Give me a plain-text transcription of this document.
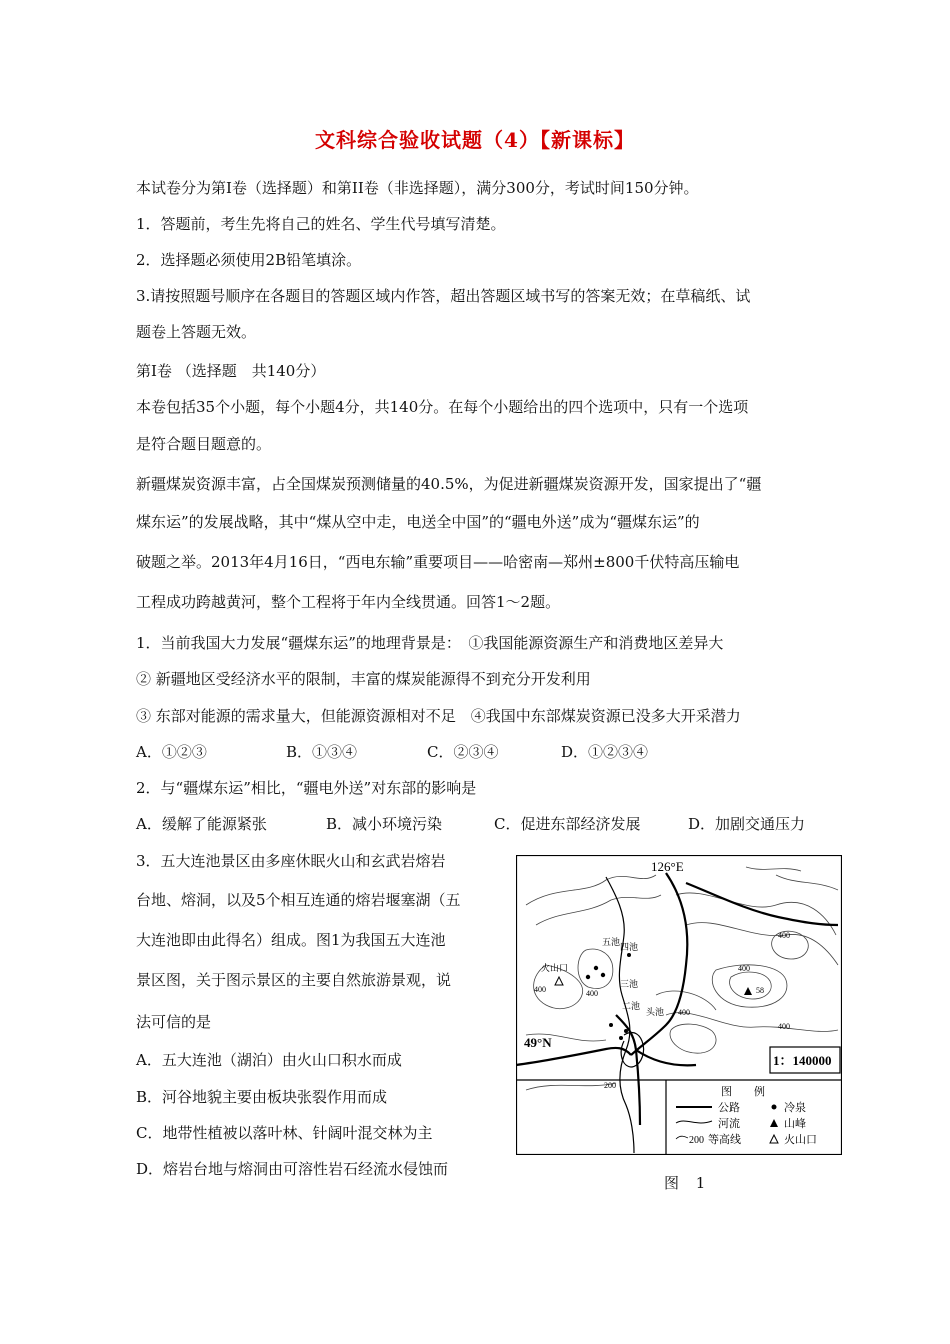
文科综合验收试题（4）【新课标】
本试卷分为第Ⅰ卷（选择题）和第II卷（非选择题），满分300分，考试时间150分钟。
1．答题前，考生先将自己的姓名、学生代号填写清楚。
2．选择题必须使用2B铅笔填涂。
3.请按照题号顺序在各题目的答题区域内作答，超出答题区域书写的答案无效；在草稿纸、试
题卷上答题无效。
第Ⅰ卷 （选择题　共140分）
本卷包括35个小题，每个小题4分，共140分。在每个小题给出的四个选项中，只有一个选项
是符合题目题意的。
新疆煤炭资源丰富，占全国煤炭预测储量的40.5%，为促进新疆煤炭资源开发，国家提出了“疆
煤东运”的发展战略，其中“煤从空中走，电送全中国”的“疆电外送”成为“疆煤东运”的
破题之举。2013年4月16日，“西电东输”重要项目——哈密南—郑州±800千伏特高压输电
工程成功跨越黄河，整个工程将于年内全线贯通。回答1～2题。
1．当前我国大力发展“疆煤东运”的地理背景是：　①我国能源资源生产和消费地区差异大
② 新疆地区受经济水平的限制，丰富的煤炭能源得不到充分开发利用
③ 东部对能源的需求量大，但能源资源相对不足　④我国中东部煤炭资源已没多大开采潜力
A．①②③	B．①③④	C．②③④	D．①②③④
2．与“疆煤东运”相比，“疆电外送”对东部的影响是
A．缓解了能源紧张	B．减小环境污染	C．促进东部经济发展	D．加剧交通压力
3．五大连池景区由多座休眠火山和玄武岩熔岩
台地、熔洞，以及5个相互连通的熔岩堰塞湖（五
大连池即由此得名）组成。图1为我国五大连池
景区图，关于图示景区的主要自然旅游景观，说
法可信的是
A．五大连池（湖泊）由火山口积水而成
B．河谷地貌主要由板块张裂作用而成
C．地带性植被以落叶林、针阔叶混交林为主
D．熔岩台地与熔洞由可溶性岩石经流水侵蚀而
126°E
49°N
1：140000
五池 四池
三池
二池
头池
火山口
400	400
400
400
400
400
200
58
图　　例
公路
河流
200 等高线
冷泉
山峰
火山口
图 1
